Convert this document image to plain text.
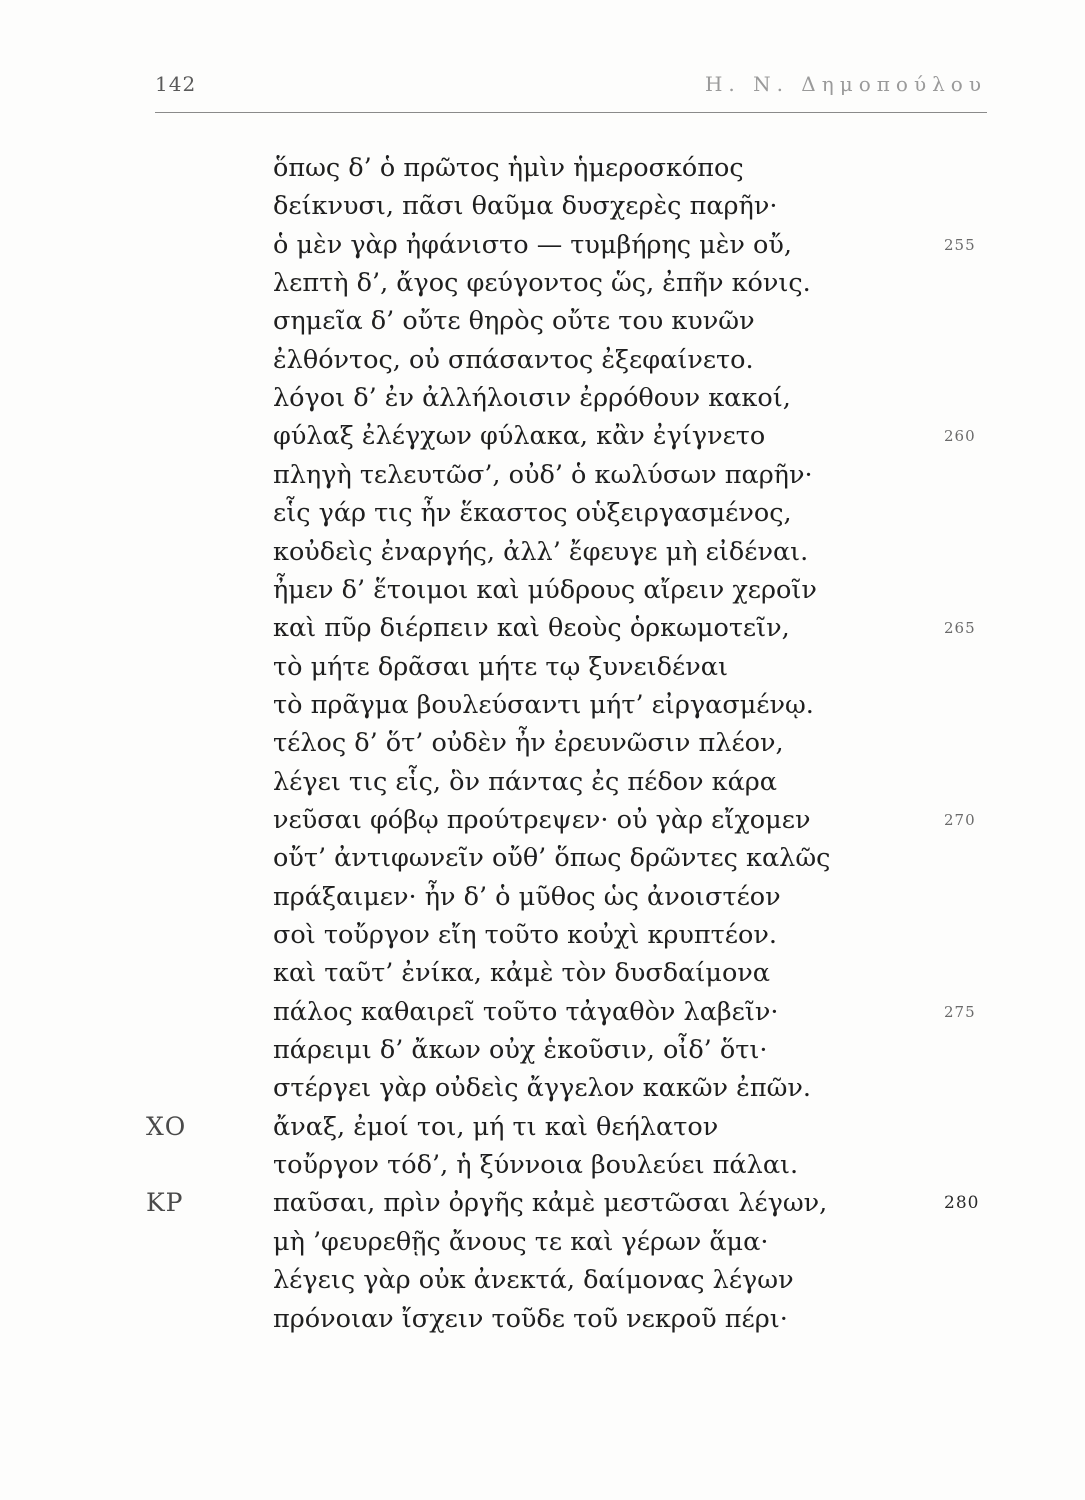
142	Η. Ν. Δημοπούλου
ὅπως δ’ ὁ πρῶτος ἡμὶν ἡμεροσκόπος
δείκνυσι, πᾶσι θαῦμα δυσχερὲς παρῆν·
ὁ μὲν γὰρ ἠφάνιστο — τυμβήρης μὲν οὔ,	255
λεπτὴ δ’, ἄγος φεύγοντος ὥς, ἐπῆν κόνις.
σημεῖα δ’ οὔτε θηρὸς οὔτε του κυνῶν
ἐλθόντος, οὐ σπάσαντος ἐξεφαίνετο.
λόγοι δ’ ἐν ἀλλήλοισιν ἐρρόθουν κακοί,
φύλαξ ἐλέγχων φύλακα, κἂν ἐγίγνετο	260
πληγὴ τελευτῶσ’, οὐδ’ ὁ κωλύσων παρῆν·
εἷς γάρ τις ἦν ἕκαστος οὑξειργασμένος,
κοὐδεὶς ἐναργής, ἀλλ’ ἔφευγε μὴ εἰδέναι.
ἦμεν δ’ ἕτοιμοι καὶ μύδρους αἴρειν χεροῖν
καὶ πῦρ διέρπειν καὶ θεοὺς ὁρκωμοτεῖν,	265
τὸ μήτε δρᾶσαι μήτε τῳ ξυνειδέναι
τὸ πρᾶγμα βουλεύσαντι μήτ’ εἰργασμένῳ.
τέλος δ’ ὅτ’ οὐδὲν ἦν ἐρευνῶσιν πλέον,
λέγει τις εἷς, ὃν πάντας ἐς πέδον κάρα
νεῦσαι φόβῳ προύτρεψεν· οὐ γὰρ εἴχομεν	270
οὔτ’ ἀντιφωνεῖν οὔθ’ ὅπως δρῶντες καλῶς
πράξαιμεν· ἦν δ’ ὁ μῦθος ὡς ἀνοιστέον
σοὶ τοὔργον εἴη τοῦτο κοὐχὶ κρυπτέον.
καὶ ταῦτ’ ἐνίκα, κἀμὲ τὸν δυσδαίμονα
πάλος καθαιρεῖ τοῦτο τἀγαθὸν λαβεῖν·	275
πάρειμι δ’ ἄκων οὐχ ἑκοῦσιν, οἶδ’ ὅτι·
στέργει γὰρ οὐδεὶς ἄγγελον κακῶν ἐπῶν.
ΧΟ	ἄναξ, ἐμοί τοι, μή τι καὶ θεήλατον
τοὔργον τόδ’, ἡ ξύννοια βουλεύει πάλαι.
ΚΡ	παῦσαι, πρὶν ὀργῆς κἀμὲ μεστῶσαι λέγων,	280
μὴ ’φευρεθῇς ἄνους τε καὶ γέρων ἅμα·
λέγεις γὰρ οὐκ ἀνεκτά, δαίμονας λέγων
πρόνοιαν ἴσχειν τοῦδε τοῦ νεκροῦ πέρι·
